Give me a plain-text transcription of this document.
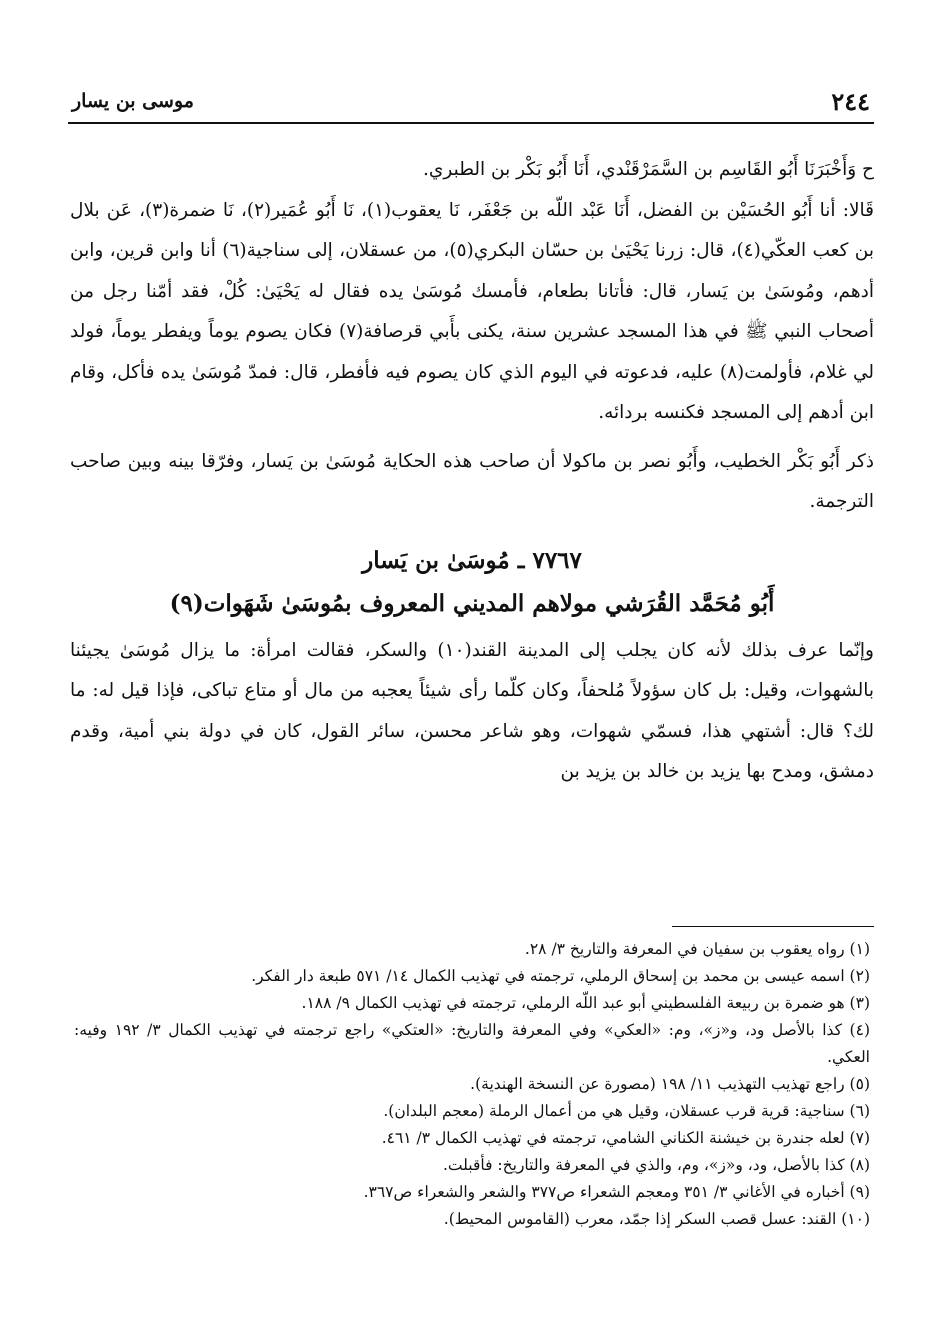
موسى بن يسار	٢٤٤

ح وَأَخْبَرَنَا أَبُو القَاسِم بن السَّمَرْقَنْدي، أَنَا أَبُو بَكْر بن الطبري.

قَالا: أنا أَبُو الحُسَيْن بن الفضل، أَنَا عَبْد اللّه بن جَعْفَر، نَا يعقوب(١)، نَا أَبُو عُمَير(٢)، نَا ضمرة(٣)، عَن بلال بن كعب العكّي(٤)، قال: زرنا يَحْيَىٰ بن حسّان البكري(٥)، من عسقلان، إلى سناجية(٦) أنا وابن قرين، وابن أدهم، ومُوسَىٰ بن يَسار، قال: فأتانا بطعام، فأمسك مُوسَىٰ يده فقال له يَحْيَىٰ: كُلْ، فقد أمّنا رجل من أصحاب النبي ﷺ في هذا المسجد عشرين سنة، يكنى بأَبي قرصافة(٧) فكان يصوم يوماً ويفطر يوماً، فولد لي غلام، فأولمت(٨) عليه، فدعوته في اليوم الذي كان يصوم فيه فأفطر، قال: فمدّ مُوسَىٰ يده فأكل، وقام ابن أدهم إلى المسجد فكنسه بردائه.

ذكر أَبُو بَكْر الخطيب، وأَبُو نصر بن ماكولا أن صاحب هذه الحكاية مُوسَىٰ بن يَسار، وفرّقا بينه وبين صاحب الترجمة.

٧٧٦٧ ـ مُوسَىٰ بن يَسار
أَبُو مُحَمَّد القُرَشي مولاهم المديني المعروف بمُوسَىٰ شَهَوات(٩)

وإنّما عرف بذلك لأنه كان يجلب إلى المدينة القند(١٠) والسكر، فقالت امرأة: ما يزال مُوسَىٰ يجيئنا بالشهوات، وقيل: بل كان سؤولاً مُلحفاً، وكان كلّما رأى شيئاً يعجبه من مال أو متاع تباكى، فإذا قيل له: ما لك؟ قال: أشتهي هذا، فسمّي شهوات، وهو شاعر محسن، سائر القول، كان في دولة بني أمية، وقدم دمشق، ومدح بها يزيد بن خالد بن يزيد بن

(١) رواه يعقوب بن سفيان في المعرفة والتاريخ ٣/ ٢٨.

(٢) اسمه عيسى بن محمد بن إسحاق الرملي، ترجمته في تهذيب الكمال ١٤/ ٥٧١ طبعة دار الفكر.

(٣) هو ضمرة بن ربيعة الفلسطيني أبو عبد اللّه الرملي، ترجمته في تهذيب الكمال ٩/ ١٨٨.

(٤) كذا بالأصل ود، و«ز»، وم: «العكي» وفي المعرفة والتاريخ: «العتكي» راجع ترجمته في تهذيب الكمال ٣/ ١٩٢ وفيه: العكي.

(٥) راجع تهذيب التهذيب ١١/ ١٩٨ (مصورة عن النسخة الهندية).

(٦) سناجية: قرية قرب عسقلان، وقيل هي من أعمال الرملة (معجم البلدان).

(٧) لعله جندرة بن خيشنة الكناني الشامي، ترجمته في تهذيب الكمال ٣/ ٤٦١.

(٨) كذا بالأصل، ود، و«ز»، وم، والذي في المعرفة والتاريخ: فأقبلت.

(٩) أخباره في الأغاني ٣/ ٣٥١ ومعجم الشعراء ص٣٧٧ والشعر والشعراء ص٣٦٧.

(١٠) القند: عسل قصب السكر إذا جمّد، معرب (القاموس المحيط).
